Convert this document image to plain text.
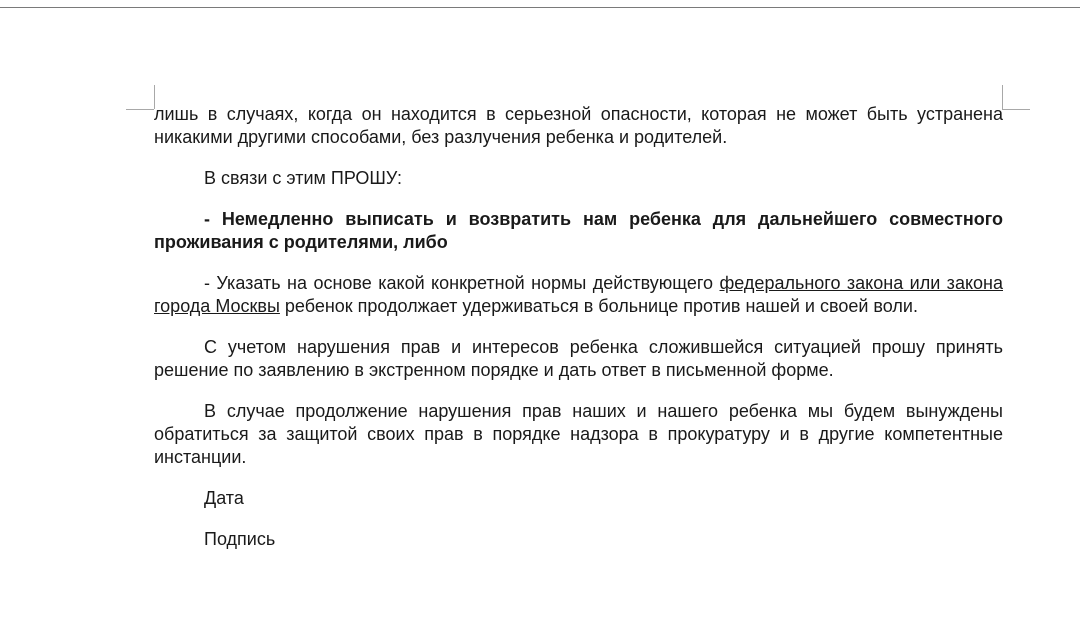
лишь в случаях, когда он находится в серьезной опасности, которая не может быть устранена никакими другими способами, без разлучения ребенка и родителей.

В связи с этим ПРОШУ:

- Немедленно выписать и возвратить нам ребенка для дальнейшего совместного проживания с родителями, либо

- Указать на основе какой конкретной нормы действующего федерального закона или закона города Москвы ребенок продолжает удерживаться в больнице против нашей и своей воли.

С учетом нарушения прав и интересов ребенка сложившейся ситуацией прошу принять решение по заявлению в экстренном порядке и дать ответ в письменной форме.

В случае продолжение нарушения прав наших и нашего ребенка мы будем вынуждены обратиться за защитой своих прав в порядке надзора в прокуратуру и в другие компетентные инстанции.

Дата

Подпись
